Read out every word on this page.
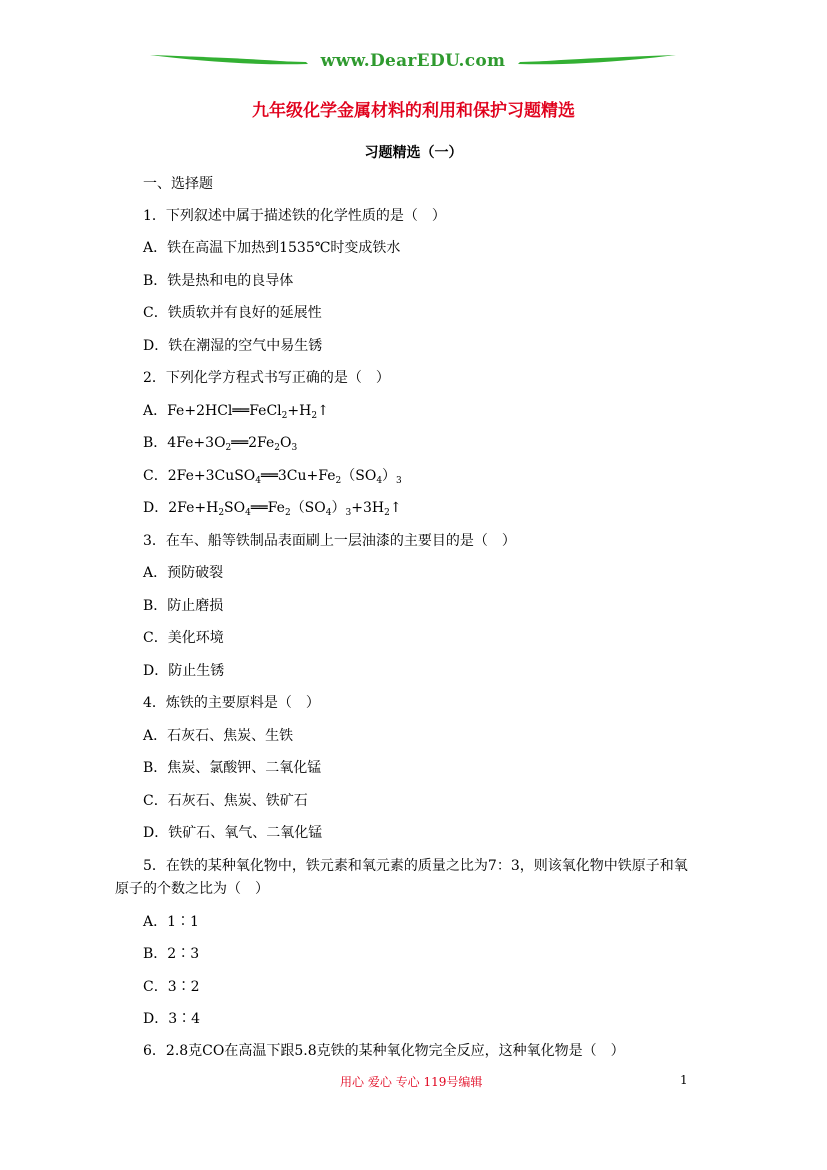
www.DearEDU.com
九年级化学金属材料的利用和保护习题精选
习题精选（一）
一、选择题
1．下列叙述中属于描述铁的化学性质的是（　）
A．铁在高温下加热到1535℃时变成铁水
B．铁是热和电的良导体
C．铁质软并有良好的延展性
D．铁在潮湿的空气中易生锈
2．下列化学方程式书写正确的是（　）
A．$Fe+2HCl══FeCl_2+H_2↑$
B．$4Fe+3O_2══2Fe_2O_3$
C．$2Fe+3CuSO_4══3Cu+Fe_2(SO_4)_3$
D．$2Fe+H_2SO_4══Fe_2(SO_4)_3+3H_2↑$
3．在车、船等铁制品表面刷上一层油漆的主要目的是（　）
A．预防破裂
B．防止磨损
C．美化环境
D．防止生锈
4．炼铁的主要原料是（　）
A．石灰石、焦炭、生铁
B．焦炭、氯酸钾、二氧化锰
C．石灰石、焦炭、铁矿石
D．铁矿石、氧气、二氧化锰
5．在铁的某种氧化物中，铁元素和氧元素的质量之比为7：3，则该氧化物中铁原子和氧
原子的个数之比为（　）
A．1∶1
B．2∶3
C．3∶2
D．3∶4
6．2.8克CO在高温下跟5.8克铁的某种氧化物完全反应，这种氧化物是（　）
用心 爱心 专心 119号编辑	1
